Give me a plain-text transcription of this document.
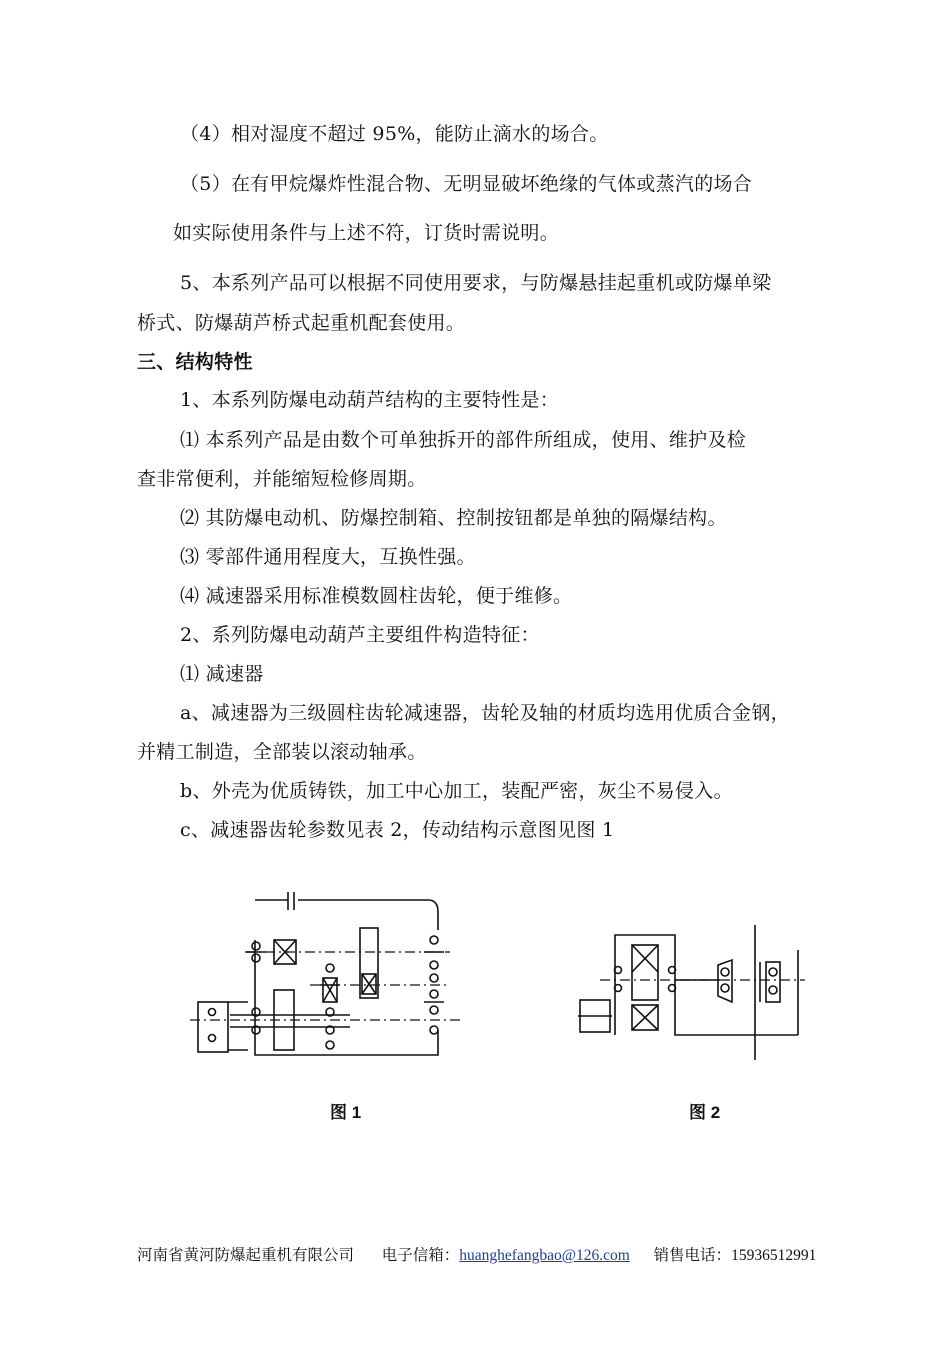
（4）相对湿度不超过 95%，能防止滴水的场合。
（5）在有甲烷爆炸性混合物、无明显破坏绝缘的气体或蒸汽的场合
如实际使用条件与上述不符，订货时需说明。
5、本系列产品可以根据不同使用要求，与防爆悬挂起重机或防爆单梁
桥式、防爆葫芦桥式起重机配套使用。
三、结构特性
1、本系列防爆电动葫芦结构的主要特性是：
⑴ 本系列产品是由数个可单独拆开的部件所组成，使用、维护及检
查非常便利，并能缩短检修周期。
⑵ 其防爆电动机、防爆控制箱、控制按钮都是单独的隔爆结构。
⑶ 零部件通用程度大，互换性强。
⑷ 减速器采用标准模数圆柱齿轮，便于维修。
2、系列防爆电动葫芦主要组件构造特征：
⑴ 减速器
a、减速器为三级圆柱齿轮减速器，齿轮及轴的材质均选用优质合金钢，
并精工制造，全部装以滚动轴承。
b、外壳为优质铸铁，加工中心加工，装配严密，灰尘不易侵入。
c、减速器齿轮参数见表 2，传动结构示意图见图 1
图 1	图 2
河南省黄河防爆起重机有限公司 电子信箱：huanghefangbao@126.com 销售电话：15936512991
